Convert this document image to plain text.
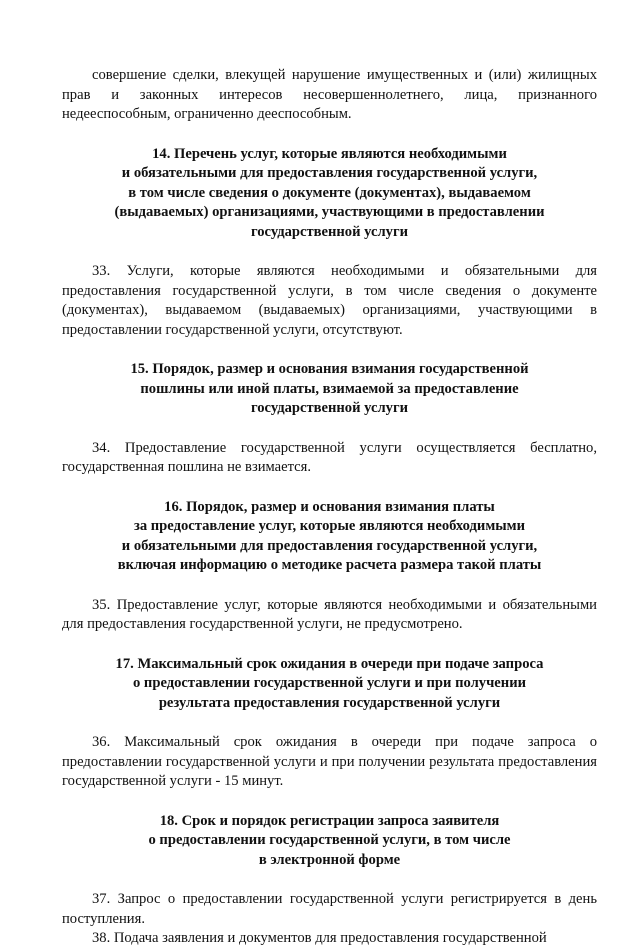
совершение сделки, влекущей нарушение имущественных и (или) жилищных прав и законных интересов несовершеннолетнего, лица, признанного недееспособным, ограниченно дееспособным.

14. Перечень услуг, которые являются необходимыми
и обязательными для предоставления государственной услуги,
в том числе сведения о документе (документах), выдаваемом
(выдаваемых) организациями, участвующими в предоставлении
государственной услуги

33. Услуги, которые являются необходимыми и обязательными для предоставления государственной услуги, в том числе сведения о документе (документах), выдаваемом (выдаваемых) организациями, участвующими в предоставлении государственной услуги, отсутствуют.

15. Порядок, размер и основания взимания государственной
пошлины или иной платы, взимаемой за предоставление
государственной услуги

34. Предоставление государственной услуги осуществляется бесплатно, государственная пошлина не взимается.

16. Порядок, размер и основания взимания платы
за предоставление услуг, которые являются необходимыми
и обязательными для предоставления государственной услуги,
включая информацию о методике расчета размера такой платы

35. Предоставление услуг, которые являются необходимыми и обязательными для предоставления государственной услуги, не предусмотрено.

17. Максимальный срок ожидания в очереди при подаче запроса
о предоставлении государственной услуги и при получении
результата предоставления государственной услуги

36. Максимальный срок ожидания в очереди при подаче запроса о предоставлении государственной услуги и при получении результата предоставления государственной услуги - 15 минут.

18. Срок и порядок регистрации запроса заявителя
о предоставлении государственной услуги, в том числе
в электронной форме

37. Запрос о предоставлении государственной услуги регистрируется в день поступления.

38. Подача заявления и документов для предоставления государственной
